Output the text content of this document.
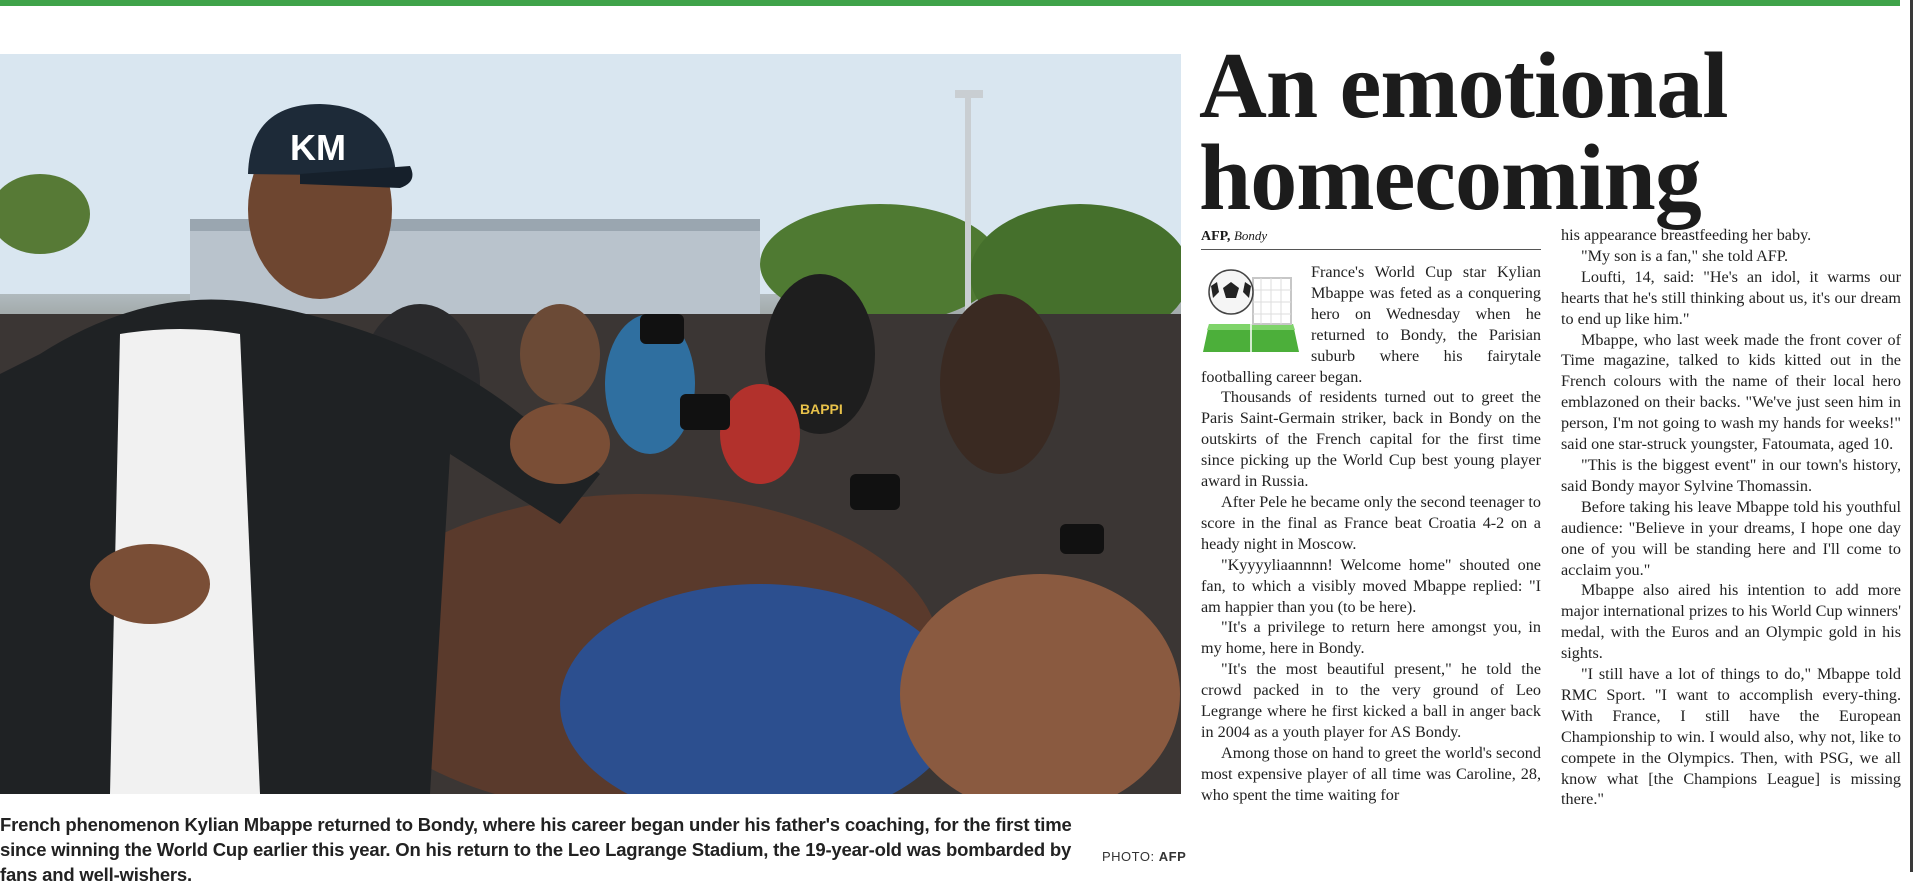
KM
BAPPI
French phenomenon Kylian Mbappe returned to Bondy, where his career began under his father's coaching, for the first time since winning the World Cup earlier this year. On his return to the Leo Lagrange Stadium, the 19-year-old was bombarded by fans and well-wishers.
PHOTO: AFP
An emotional
homecoming
AFP, Bondy

France's World Cup star Kylian Mbappe was feted as a conquering hero on Wednesday when he returned to Bondy, the Parisian suburb where his fairytale footballing career began.

Thousands of residents turned out to greet the Paris Saint-Germain striker, back in Bondy on the outskirts of the French capital for the first time since picking up the World Cup best young player award in Russia.

After Pele he became only the second teenager to score in the final as France beat Croatia 4-2 on a heady night in Moscow.

"Kyyyyliaannnn! Welcome home" shouted one fan, to which a visibly moved Mbappe replied: "I am happier than you (to be here).

"It's a privilege to return here amongst you, in my home, here in Bondy.

"It's the most beautiful present," he told the crowd packed in to the very ground of Leo Legrange where he first kicked a ball in anger back in 2004 as a youth player for AS Bondy.

Among those on hand to greet the world's second most expensive player of all time was Caroline, 28, who spent the time waiting for

his appearance breastfeeding her baby.

"My son is a fan," she told AFP.

Loufti, 14, said: "He's an idol, it warms our hearts that he's still thinking about us, it's our dream to end up like him."

Mbappe, who last week made the front cover of Time magazine, talked to kids kitted out in the French colours with the name of their local hero emblazoned on their backs. "We've just seen him in person, I'm not going to wash my hands for weeks!" said one star-struck youngster, Fatoumata, aged 10.

"This is the biggest event" in our town's history, said Bondy mayor Sylvine Thomassin.

Before taking his leave Mbappe told his youthful audience: "Believe in your dreams, I hope one day one of you will be standing here and I'll come to acclaim you."

Mbappe also aired his intention to add more major international prizes to his World Cup winners' medal, with the Euros and an Olympic gold in his sights.

"I still have a lot of things to do," Mbappe told RMC Sport. "I want to accomplish every-thing. With France, I still have the European Championship to win. I would also, why not, like to compete in the Olympics. Then, with PSG, we all know what [the Champions League] is missing there."
